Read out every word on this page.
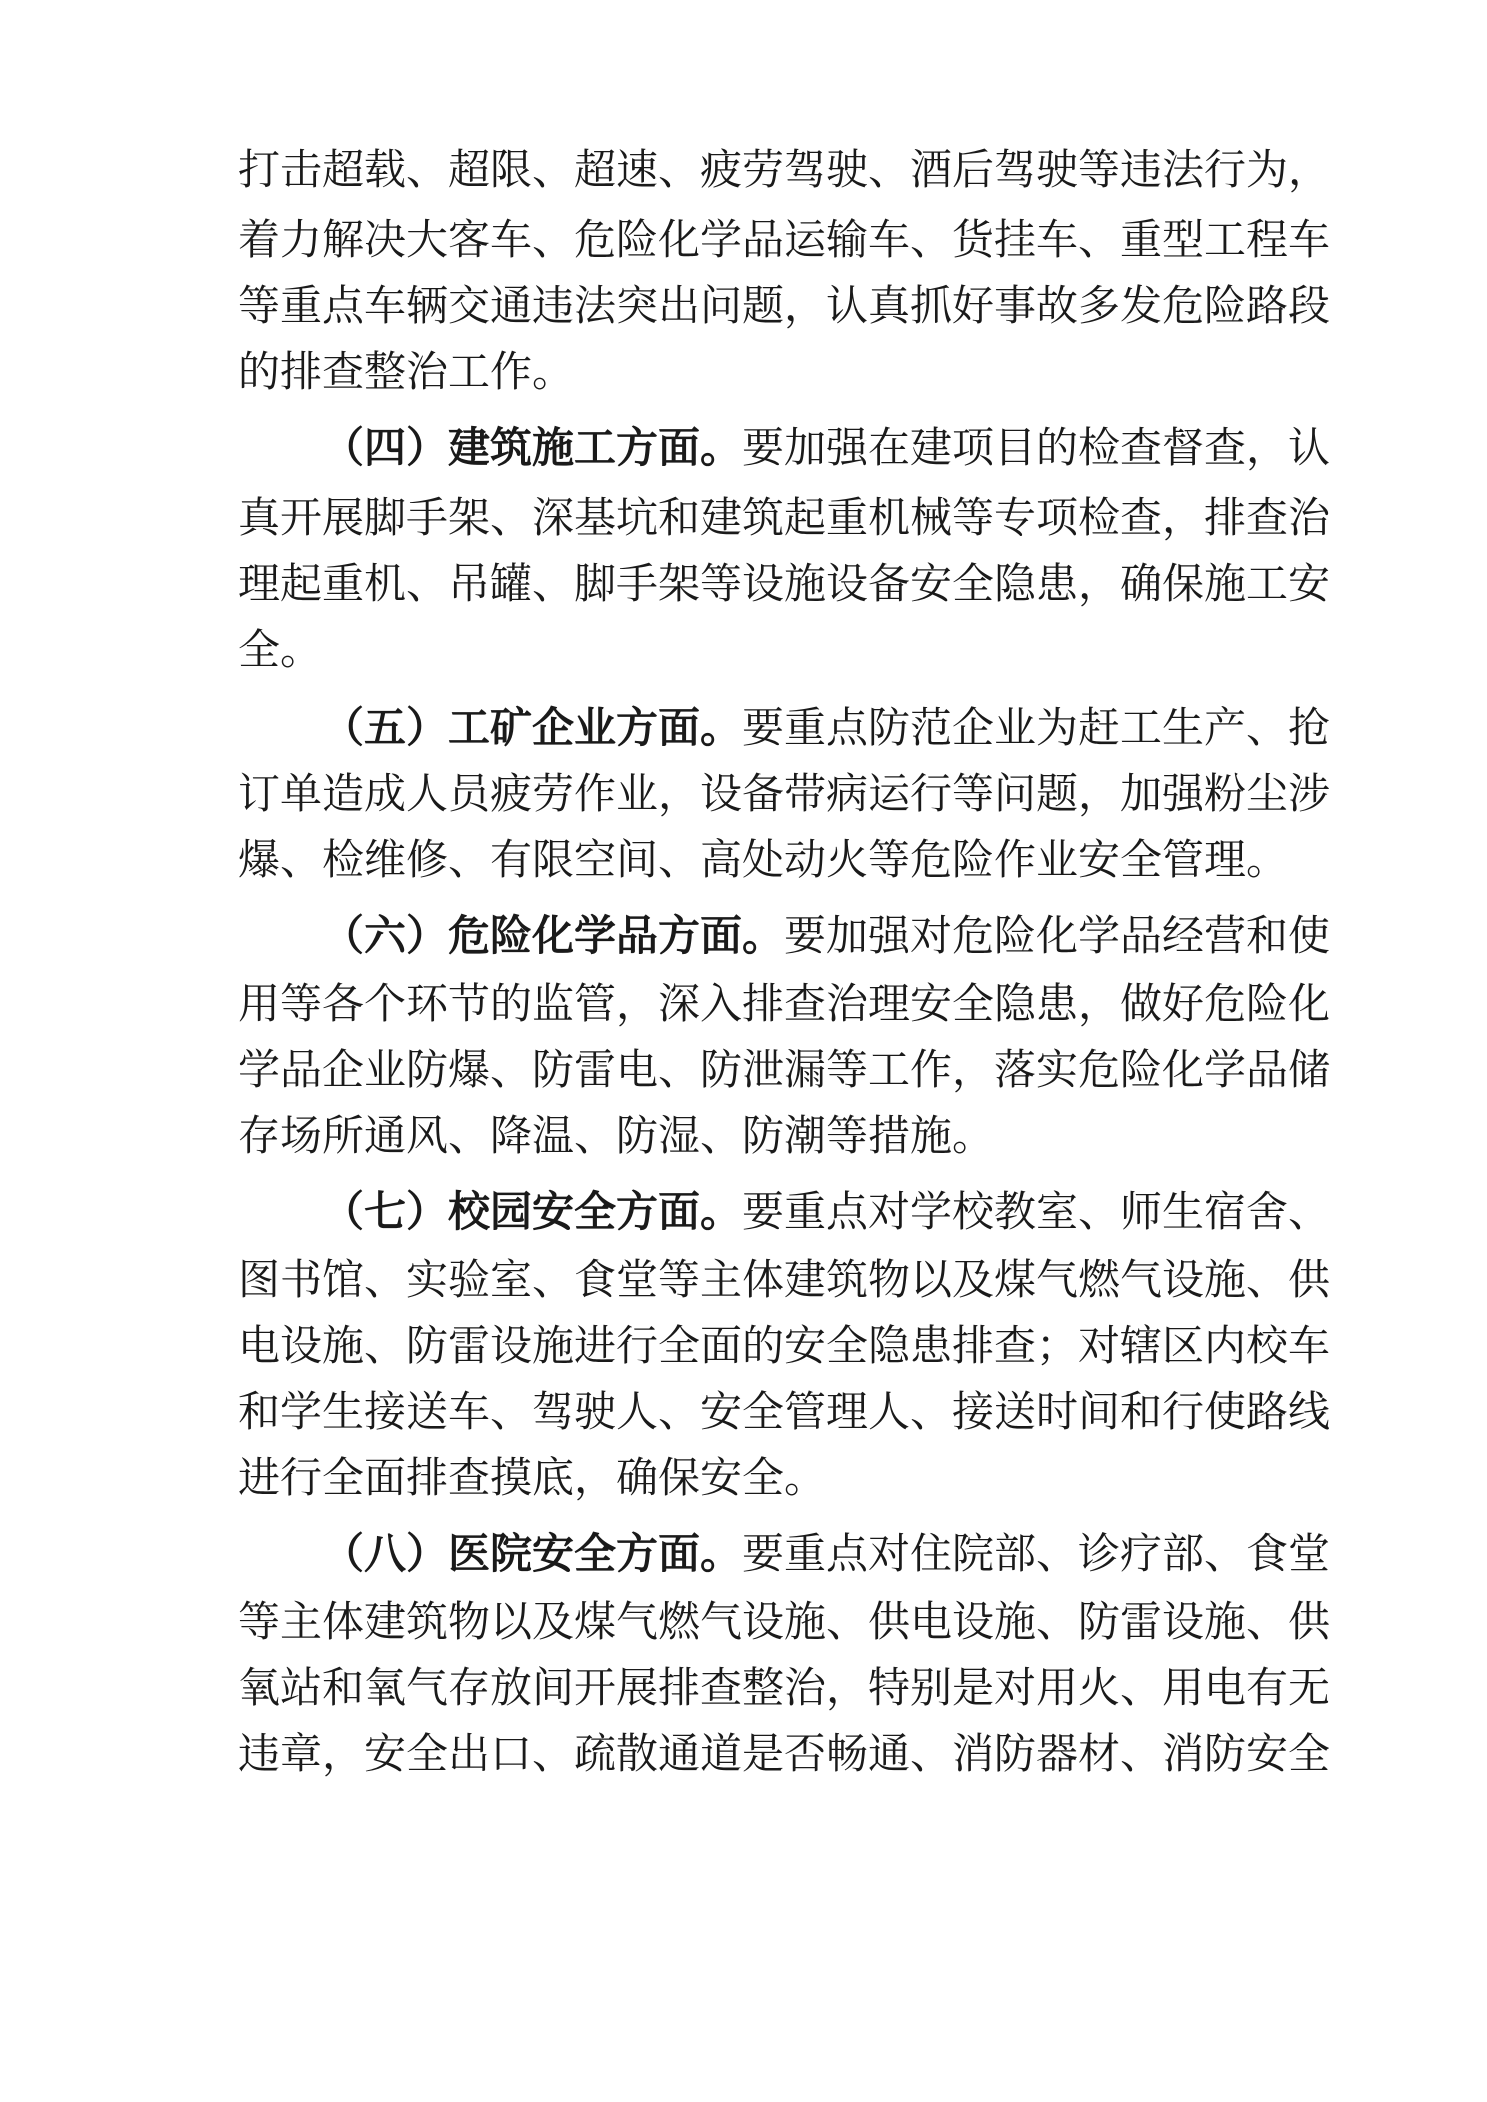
打击超载、超限、超速、疲劳驾驶、酒后驾驶等违法行为，
着力解决大客车、危险化学品运输车、货挂车、重型工程车
等重点车辆交通违法突出问题，认真抓好事故多发危险路段
的排查整治工作。
（四）建筑施工方面。要加强在建项目的检查督查，认
真开展脚手架、深基坑和建筑起重机械等专项检查，排查治
理起重机、吊罐、脚手架等设施设备安全隐患，确保施工安
全。
（五）工矿企业方面。要重点防范企业为赶工生产、抢
订单造成人员疲劳作业，设备带病运行等问题，加强粉尘涉
爆、检维修、有限空间、高处动火等危险作业安全管理。
（六）危险化学品方面。要加强对危险化学品经营和使
用等各个环节的监管，深入排查治理安全隐患，做好危险化
学品企业防爆、防雷电、防泄漏等工作，落实危险化学品储
存场所通风、降温、防湿、防潮等措施。
（七）校园安全方面。要重点对学校教室、师生宿舍、
图书馆、实验室、食堂等主体建筑物以及煤气燃气设施、供
电设施、防雷设施进行全面的安全隐患排查；对辖区内校车
和学生接送车、驾驶人、安全管理人、接送时间和行使路线
进行全面排查摸底，确保安全。
（八）医院安全方面。要重点对住院部、诊疗部、食堂
等主体建筑物以及煤气燃气设施、供电设施、防雷设施、供
氧站和氧气存放间开展排查整治，特别是对用火、用电有无
违章，安全出口、疏散通道是否畅通、消防器材、消防安全
